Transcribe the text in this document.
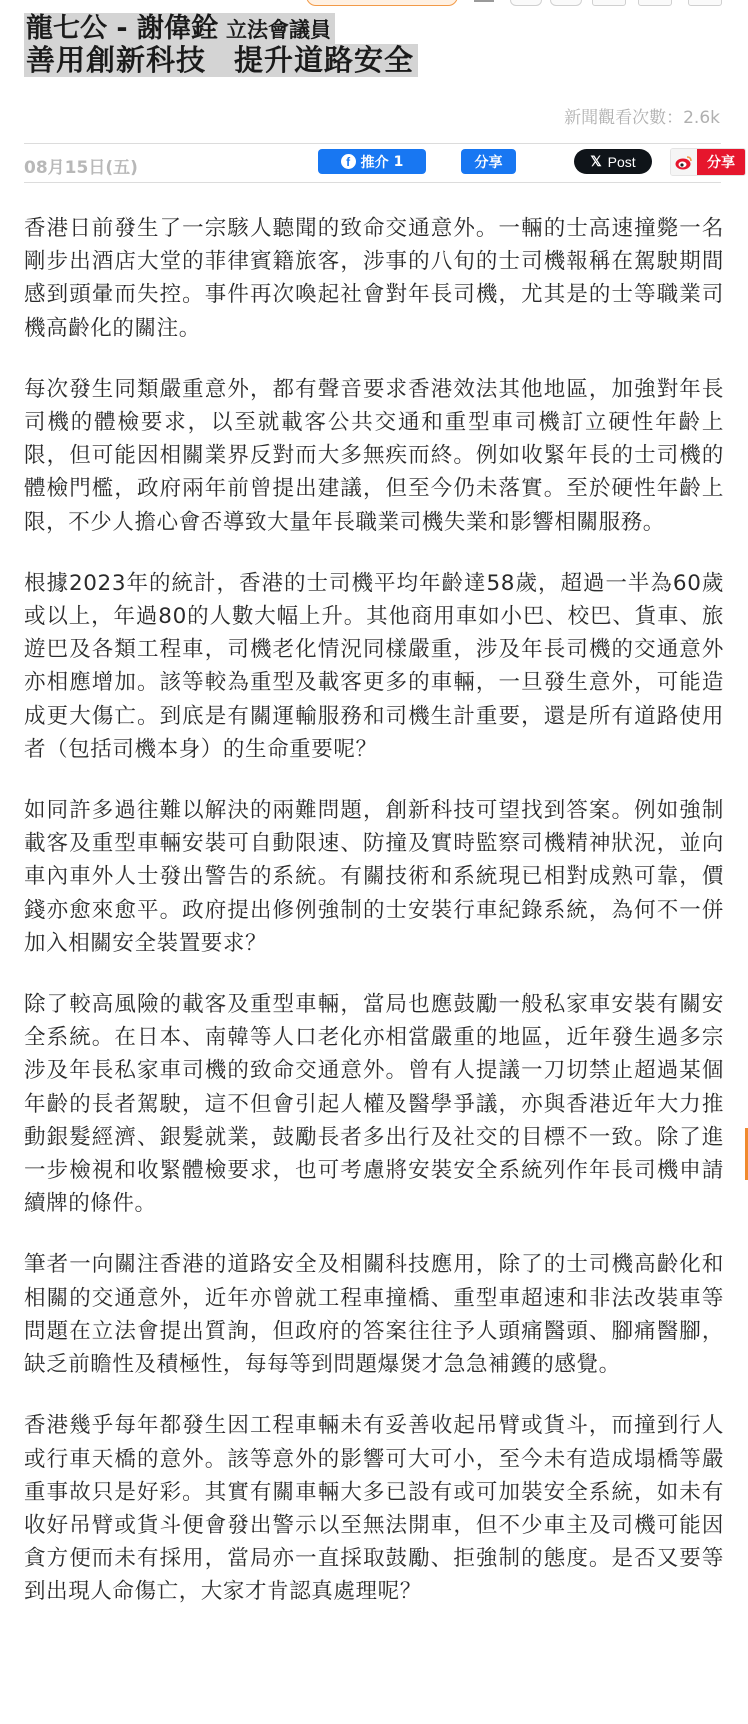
龍七公 - 謝偉銓 立法會議員
善用創新科技 提升道路安全
新聞觀看次數：2.6k
08月15日(五)	f 推介 1	分享	𝕏 Post	分享

香港日前發生了一宗駭人聽聞的致命交通意外。一輛的士高速撞斃一名剛步出酒店大堂的菲律賓籍旅客，涉事的八旬的士司機報稱在駕駛期間感到頭暈而失控。事件再次喚起社會對年長司機，尤其是的士等職業司機高齡化的關注。

每次發生同類嚴重意外，都有聲音要求香港效法其他地區，加強對年長司機的體檢要求，以至就載客公共交通和重型車司機訂立硬性年齡上限，但可能因相關業界反對而大多無疾而終。例如收緊年長的士司機的體檢門檻，政府兩年前曾提出建議，但至今仍未落實。至於硬性年齡上限，不少人擔心會否導致大量年長職業司機失業和影響相關服務。

根據2023年的統計，香港的士司機平均年齡達58歲，超過一半為60歲或以上，年過80的人數大幅上升。其他商用車如小巴、校巴、貨車、旅遊巴及各類工程車，司機老化情況同樣嚴重，涉及年長司機的交通意外亦相應增加。該等較為重型及載客更多的車輛，一旦發生意外，可能造成更大傷亡。到底是有關運輸服務和司機生計重要，還是所有道路使用者（包括司機本身）的生命重要呢？

如同許多過往難以解決的兩難問題，創新科技可望找到答案。例如強制載客及重型車輛安裝可自動限速、防撞及實時監察司機精神狀況，並向車內車外人士發出警告的系統。有關技術和系統現已相對成熟可靠，價錢亦愈來愈平。政府提出修例強制的士安裝行車紀錄系統，為何不一併加入相關安全裝置要求？

除了較高風險的載客及重型車輛，當局也應鼓勵一般私家車安裝有關安全系統。在日本、南韓等人口老化亦相當嚴重的地區，近年發生過多宗涉及年長私家車司機的致命交通意外。曾有人提議一刀切禁止超過某個年齡的長者駕駛，這不但會引起人權及醫學爭議，亦與香港近年大力推動銀髮經濟、銀髮就業，鼓勵長者多出行及社交的目標不一致。除了進一步檢視和收緊體檢要求，也可考慮將安裝安全系統列作年長司機申請續牌的條件。

筆者一向關注香港的道路安全及相關科技應用，除了的士司機高齡化和相關的交通意外，近年亦曾就工程車撞橋、重型車超速和非法改裝車等問題在立法會提出質詢，但政府的答案往往予人頭痛醫頭、腳痛醫腳，缺乏前瞻性及積極性，每每等到問題爆煲才急急補鑊的感覺。

香港幾乎每年都發生因工程車輛未有妥善收起吊臂或貨斗，而撞到行人或行車天橋的意外。該等意外的影響可大可小，至今未有造成塌橋等嚴重事故只是好彩。其實有關車輛大多已設有或可加裝安全系統，如未有收好吊臂或貨斗便會發出警示以至無法開車，但不少車主及司機可能因貪方便而未有採用，當局亦一直採取鼓勵、拒強制的態度。是否又要等到出現人命傷亡，大家才肯認真處理呢？
